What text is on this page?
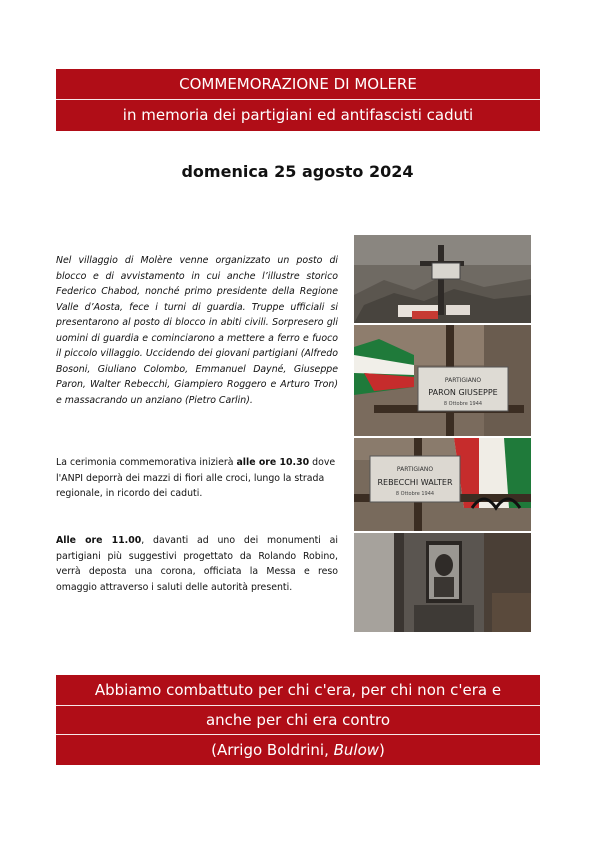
COMMEMORAZIONE DI MOLERE
in memoria dei partigiani ed antifascisti caduti
domenica 25 agosto 2024
Nel villaggio di Molère venne organizzato un posto di blocco e di avvistamento in cui anche l’illustre storico Federico Chabod, nonché primo presidente della Regione Valle d’Aosta, fece i turni di guardia. Truppe ufficiali si presentarono al posto di blocco in abiti civili. Sorpresero gli uomini di guardia e cominciarono a mettere a ferro e fuoco il piccolo villaggio. Uccidendo dei giovani partigiani (Alfredo Bosoni, Giuliano Colombo, Emmanuel Dayné, Giuseppe Paron, Walter Rebecchi, Giampiero Roggero e Arturo Tron) e massacrando un anziano (Pietro Carlin).
La cerimonia commemorativa inizierà alle ore 10.30 dove l'ANPI deporrà dei mazzi di fiori alle croci, lungo la strada regionale, in ricordo dei caduti.
Alle ore 11.00, davanti ad uno dei monumenti ai partigiani più suggestivi progettato da Rolando Robino, verrà deposta una corona, officiata la Messa e reso omaggio attraverso i saluti delle autorità presenti.
PARTIGIANO
PARON GIUSEPPE
8 Ottobre 1944
PARTIGIANO
REBECCHI WALTER
8 Ottobre 1944
Abbiamo combattuto per chi c'era, per chi non c'era e
anche per chi era contro
(Arrigo Boldrini, Bulow)
